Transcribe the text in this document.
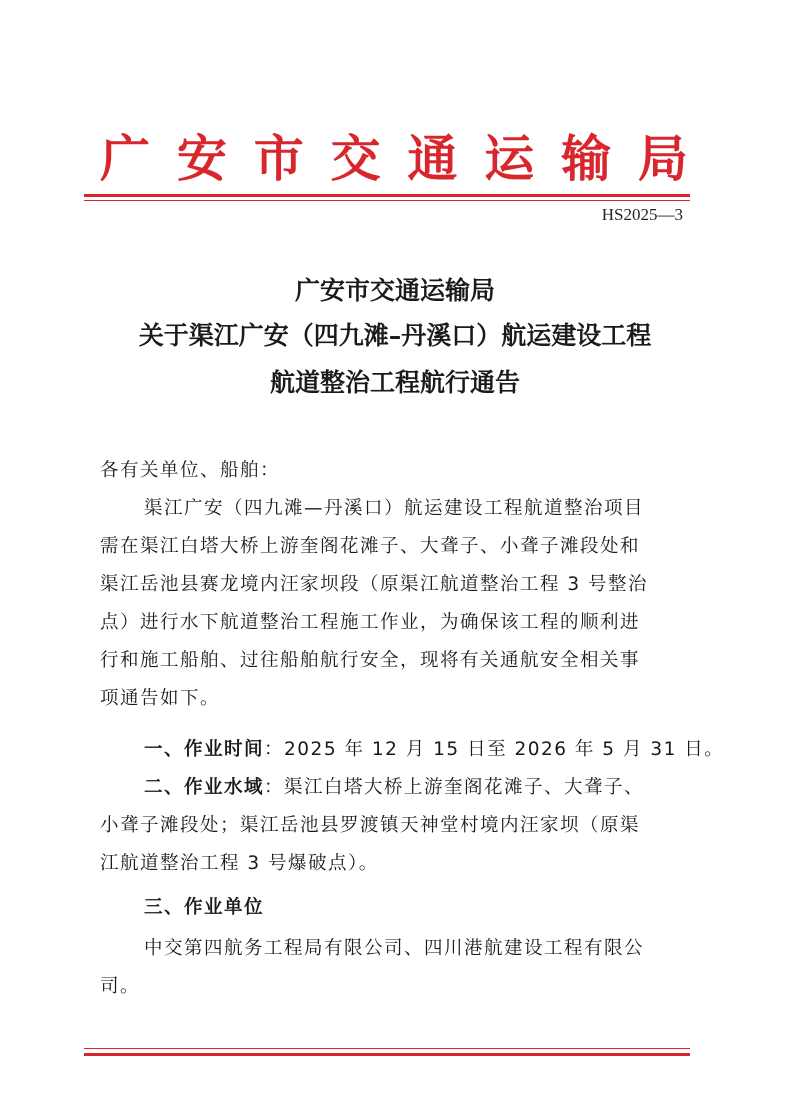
广 安 市 交 通 运 输 局
HS2025—3
广安市交通运输局
关于渠江广安（四九滩–丹溪口）航运建设工程
航道整治工程航行通告
各有关单位、船舶：
渠江广安（四九滩—丹溪口）航运建设工程航道整治项目
需在渠江白塔大桥上游奎阁花滩子、大聋子、小聋子滩段处和
渠江岳池县赛龙境内汪家坝段（原渠江航道整治工程 3 号整治
点）进行水下航道整治工程施工作业，为确保该工程的顺利进
行和施工船舶、过往船舶航行安全，现将有关通航安全相关事
项通告如下。
一、作业时间：2025 年 12 月 15 日至 2026 年 5 月 31 日。
二、作业水域：渠江白塔大桥上游奎阁花滩子、大聋子、
小聋子滩段处；渠江岳池县罗渡镇天神堂村境内汪家坝（原渠
江航道整治工程 3 号爆破点）。
三、作业单位
中交第四航务工程局有限公司、四川港航建设工程有限公
司。
